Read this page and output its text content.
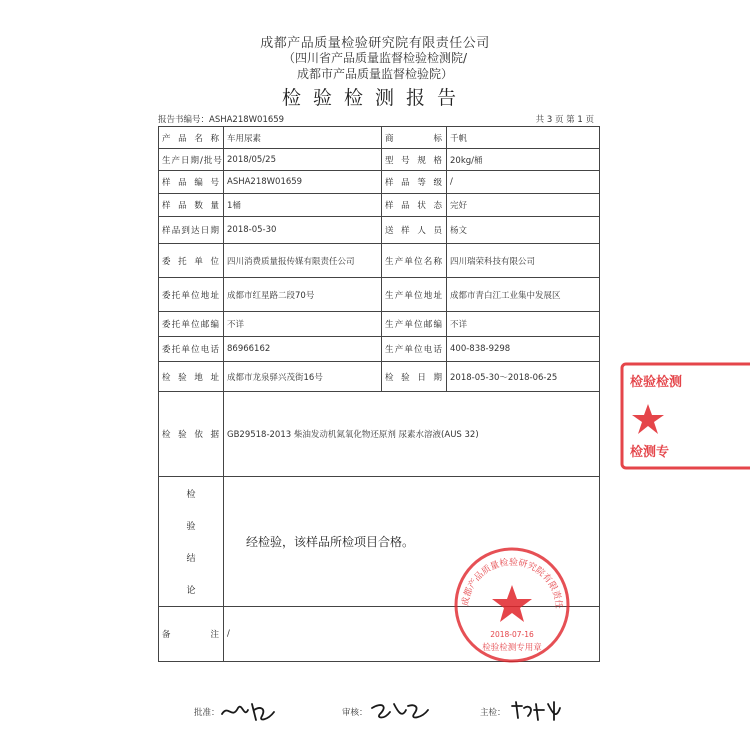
成都产品质量检验研究院有限责任公司
（四川省产品质量监督检验检测院/
成都市产品质量监督检验院）
检验检测报告
报告书编号：ASHA218W01659	共 3 页 第 1 页
产品名称	车用尿素	商标	千帆
生产日期/批号	2018/05/25	型号规格	20kg/桶
样品编号	ASHA218W01659	样品等级	/
样品数量	1桶	样品状态	完好
样品到达日期	2018-05-30	送样人员	杨文
委托单位	四川消费质量报传媒有限责任公司	生产单位名称	四川瑞荣科技有限公司
委托单位地址	成都市红星路二段70号	生产单位地址	成都市青白江工业集中发展区
委托单位邮编	不详	生产单位邮编	不详
委托单位电话	86966162	生产单位电话	400-838-9298
检验地址	成都市龙泉驿兴茂街16号	检验日期	2018-05-30～2018-06-25
检验依据	GB29518-2013 柴油发动机氮氧化物还原剂 尿素水溶液(AUS 32)		

检
验
结
论	经检验，该样品所检项目合格。		
备注	/		
检验检测
检测专
成都产品质量检验研究院有限责任
2018-07-16
检验检测专用章
批准：	审核：	主检：
